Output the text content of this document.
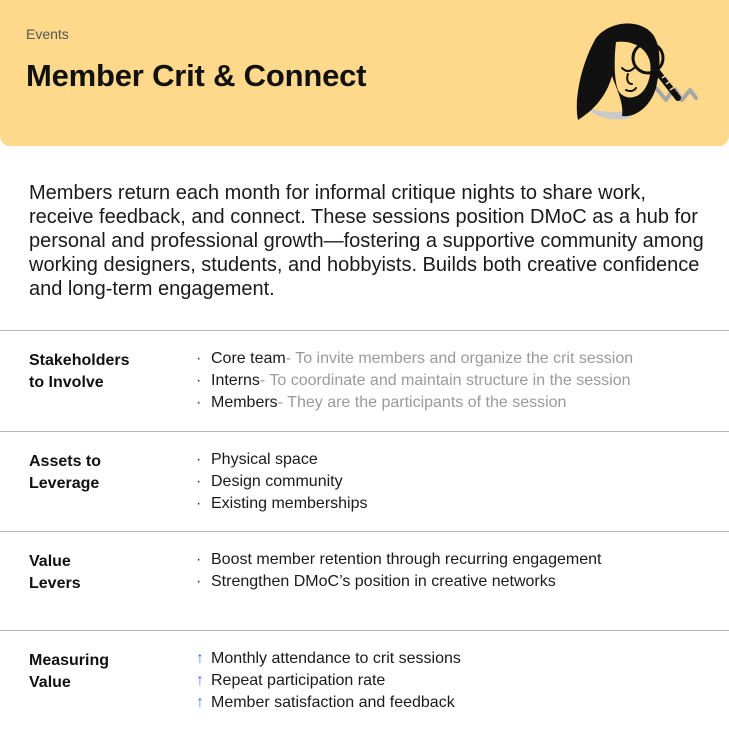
Events
Member Crit & Connect

Members return each month for informal critique nights to share work, receive feedback, and connect. These sessions position DMoC as a hub for personal and professional growth—fostering a supportive community among working designers, students, and hobbyists. Builds both creative confidence and long-term engagement.

Stakeholders
to Involve
· Core team - To invite members and organize the crit session
· Interns - To coordinate and maintain structure in the session
· Members - They are the participants of the session
Assets to
Leverage
· Physical space
· Design community
· Existing memberships
Value
Levers
· Boost member retention through recurring engagement
· Strengthen DMoC’s position in creative networks
Measuring
Value
↑ Monthly attendance to crit sessions
↑ Repeat participation rate
↑ Member satisfaction and feedback
